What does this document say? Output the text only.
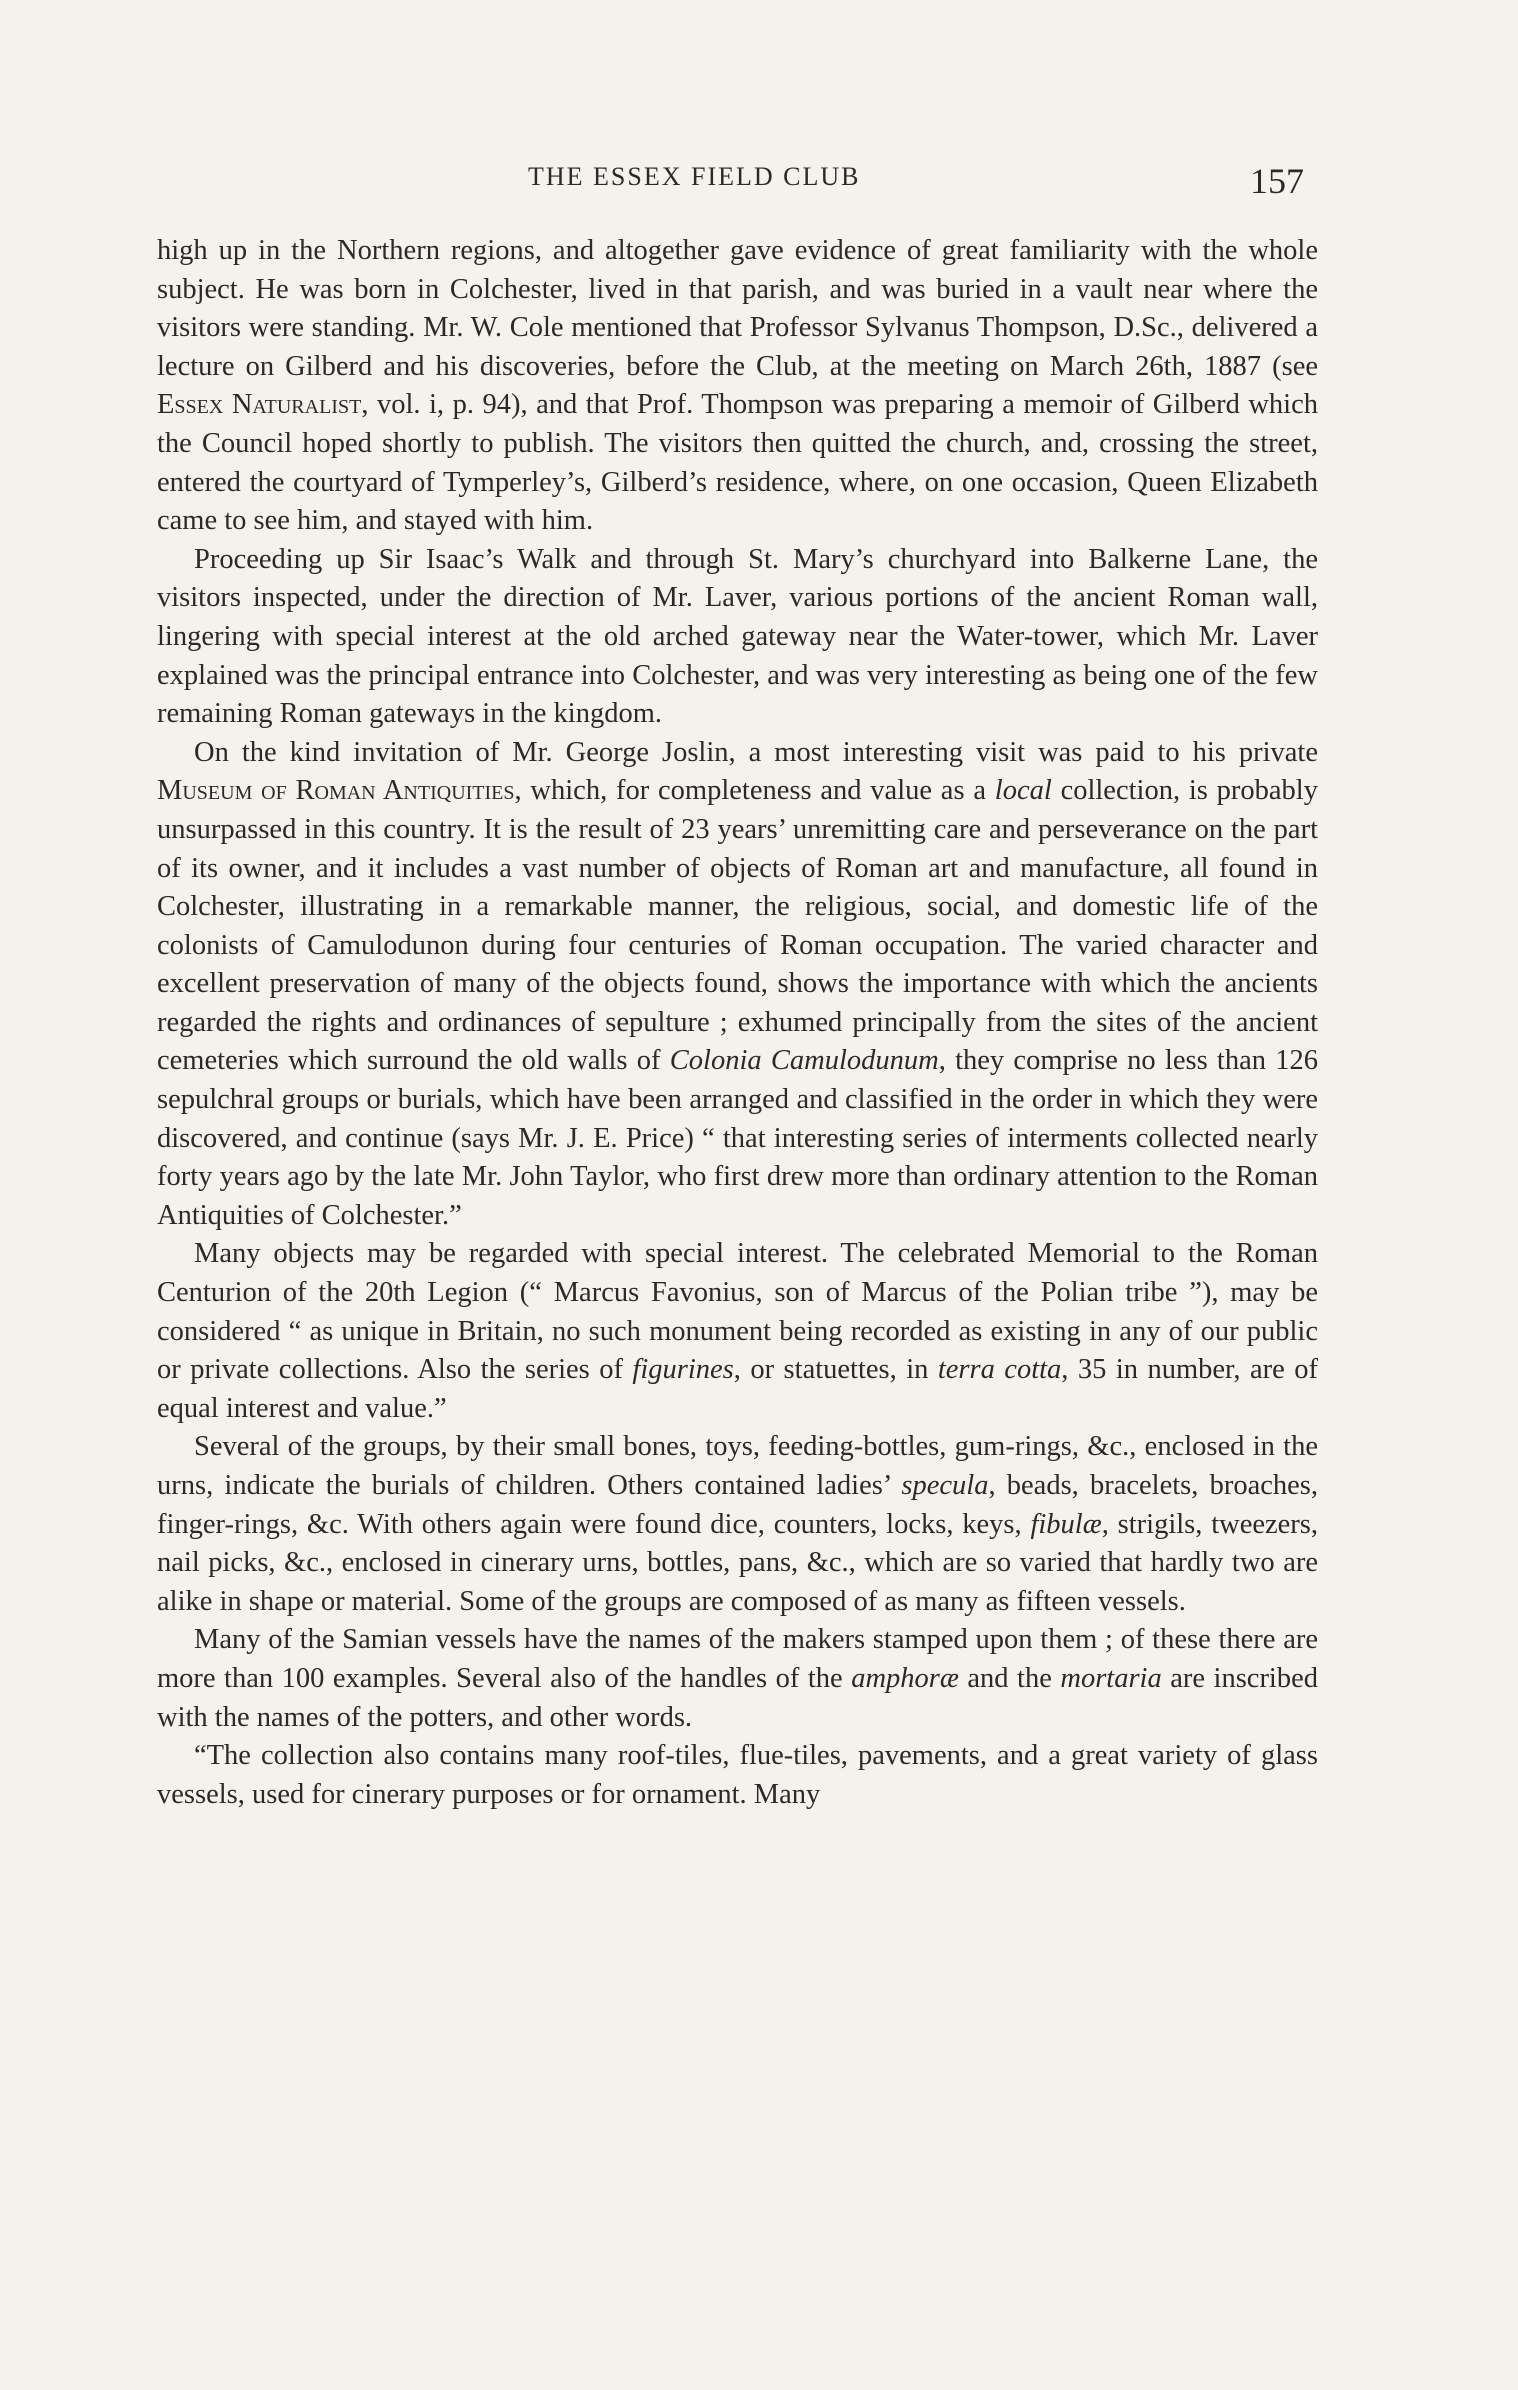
THE ESSEX FIELD CLUB	157

high up in the Northern regions, and altogether gave evidence of great familiarity with the whole subject. He was born in Colchester, lived in that parish, and was buried in a vault near where the visitors were standing. Mr. W. Cole mentioned that Professor Sylvanus Thompson, D.Sc., delivered a lecture on Gilberd and his discoveries, before the Club, at the meeting on March 26th, 1887 (see Essex Naturalist, vol. i, p. 94), and that Prof. Thompson was preparing a memoir of Gilberd which the Council hoped shortly to publish. The visitors then quitted the church, and, crossing the street, entered the courtyard of Tymperley’s, Gilberd’s residence, where, on one occasion, Queen Elizabeth came to see him, and stayed with him.

Proceeding up Sir Isaac’s Walk and through St. Mary’s churchyard into Balkerne Lane, the visitors inspected, under the direction of Mr. Laver, various portions of the ancient Roman wall, lingering with special interest at the old arched gateway near the Water-tower, which Mr. Laver explained was the principal entrance into Colchester, and was very interesting as being one of the few remaining Roman gateways in the kingdom.

On the kind invitation of Mr. George Joslin, a most interesting visit was paid to his private Museum of Roman Antiquities, which, for completeness and value as a local collection, is probably unsurpassed in this country. It is the result of 23 years’ unremitting care and perseverance on the part of its owner, and it includes a vast number of objects of Roman art and manufacture, all found in Colchester, illustrating in a remarkable manner, the religious, social, and domestic life of the colonists of Camulodunon during four centuries of Roman occupation. The varied character and excellent preservation of many of the objects found, shows the importance with which the ancients regarded the rights and ordinances of sepulture ; exhumed principally from the sites of the ancient cemeteries which surround the old walls of Colonia Camulodunum, they comprise no less than 126 sepulchral groups or burials, which have been arranged and classified in the order in which they were discovered, and continue (says Mr. J. E. Price) “ that interesting series of interments collected nearly forty years ago by the late Mr. John Taylor, who first drew more than ordinary attention to the Roman Antiquities of Colchester.”

Many objects may be regarded with special interest. The celebrated Memorial to the Roman Centurion of the 20th Legion (“ Marcus Favonius, son of Marcus of the Polian tribe ”), may be considered “ as unique in Britain, no such monument being recorded as existing in any of our public or private collections. Also the series of figurines, or statuettes, in terra cotta, 35 in number, are of equal interest and value.”

Several of the groups, by their small bones, toys, feeding-bottles, gum-rings, &c., enclosed in the urns, indicate the burials of children. Others contained ladies’ specula, beads, bracelets, broaches, finger-rings, &c. With others again were found dice, counters, locks, keys, fibulæ, strigils, tweezers, nail picks, &c., enclosed in cinerary urns, bottles, pans, &c., which are so varied that hardly two are alike in shape or material. Some of the groups are composed of as many as fifteen vessels.

Many of the Samian vessels have the names of the makers stamped upon them ; of these there are more than 100 examples. Several also of the handles of the amphoræ and the mortaria are inscribed with the names of the potters, and other words.

“The collection also contains many roof-tiles, flue-tiles, pavements, and a great variety of glass vessels, used for cinerary purposes or for ornament. Many
